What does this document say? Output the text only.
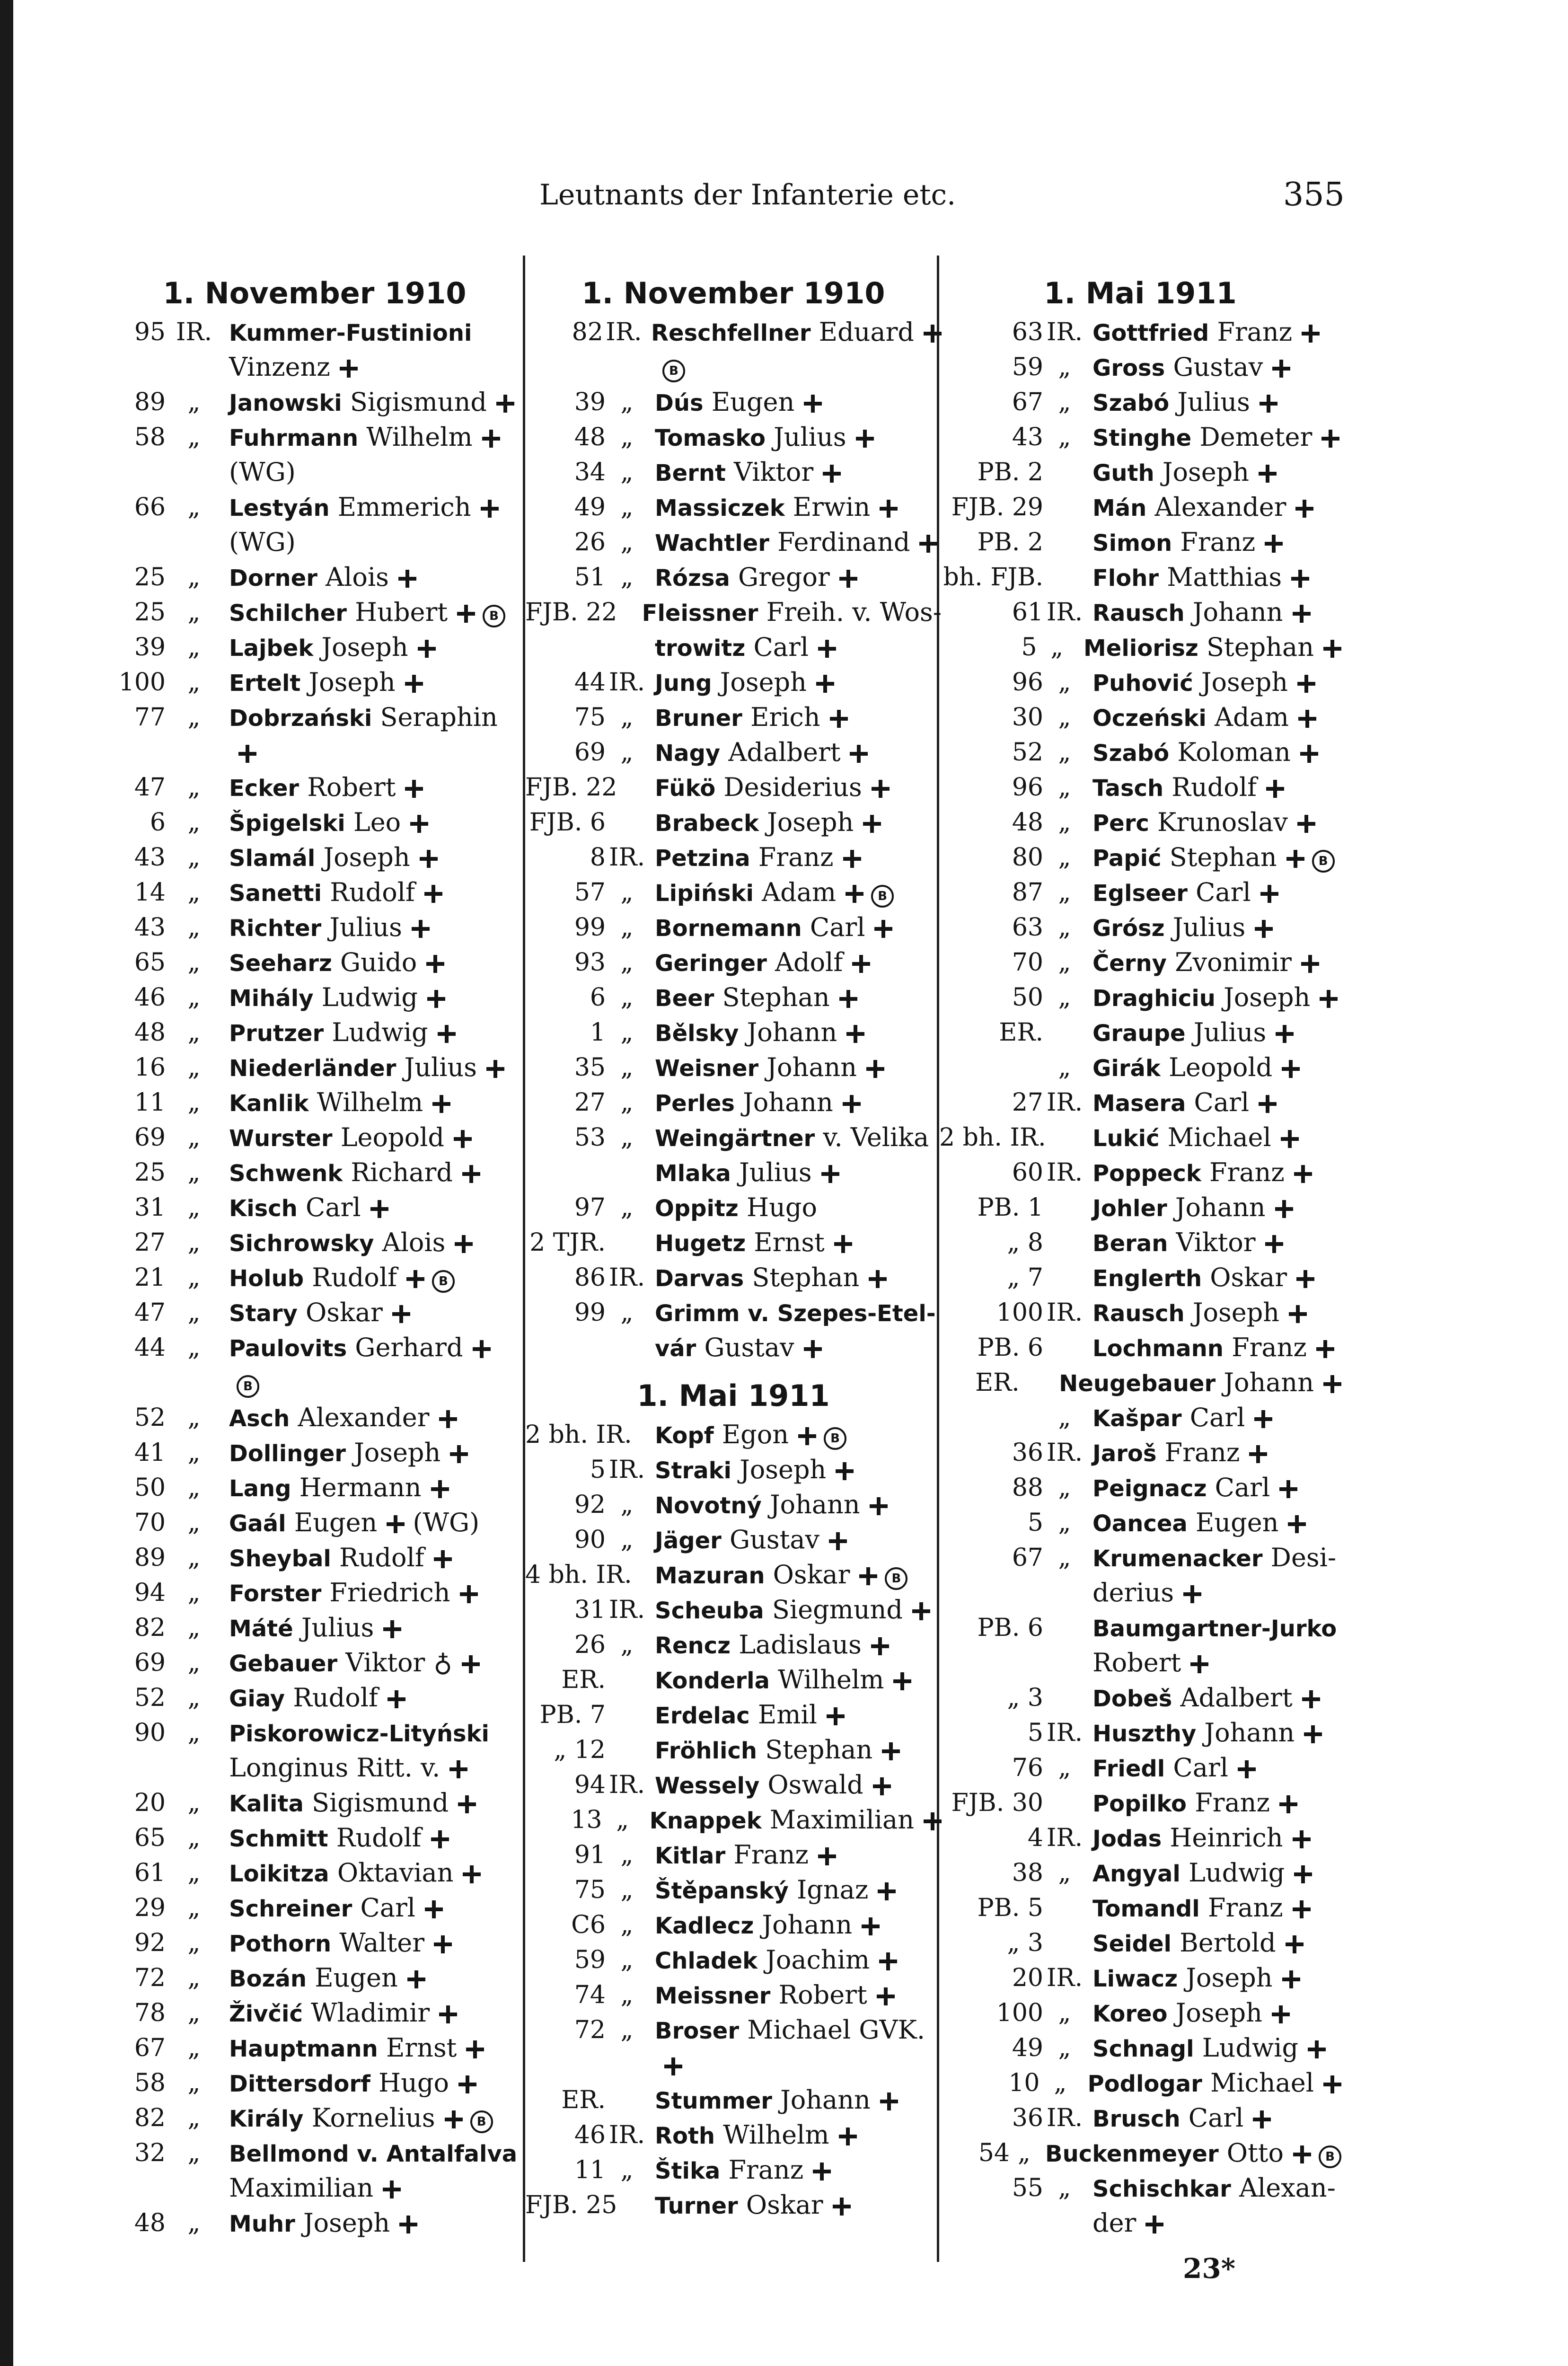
Leutnants der Infanterie etc.	355
1. November 1910
95 IR. Kummer-Fustinioni
Vinzenz
89 „	Janowski Sigismund
58 „	Fuhrmann Wilhelm
(WG)
66 „	Lestyán Emmerich
(WG)
25 „	Dorner Alois
25 „	Schilcher Hubert	B
39 „	Lajbek Joseph
100 „	Ertelt Joseph
77 „	Dobrzański Seraphin
47 „	Ecker Robert
6 „	Špigelski Leo
43 „	Slamál Joseph
14 „	Sanetti Rudolf
43 „	Richter Julius
65 „	Seeharz Guido
46 „	Mihály Ludwig
48 „	Prutzer Ludwig
16 „	Niederländer Julius
11 „	Kanlik Wilhelm
69 „	Wurster Leopold
25 „	Schwenk Richard
31 „	Kisch Carl
27 „	Sichrowsky Alois
21 „	Holub Rudolf	B
47 „	Stary Oskar
44 „	Paulovits Gerhard
B
52 „	Asch Alexander
41 „	Dollinger Joseph
50 „	Lang Hermann
70 „	Gaál Eugen (WG)
89 „	Sheybal Rudolf
94 „	Forster Friedrich
82 „	Máté Julius
69 „	Gebauer Viktor ♁
52 „	Giay Rudolf
90 „	Piskorowicz-Lityński
Longinus Ritt. v.
20 „	Kalita Sigismund
65 „	Schmitt Rudolf
61 „	Loikitza Oktavian
29 „	Schreiner Carl
92 „	Pothorn Walter
72 „	Bozán Eugen
78 „	Živčić Wladimir
67 „	Hauptmann Ernst
58 „	Dittersdorf Hugo
82 „	Király Kornelius	B
32 „	Bellmond v. Antalfalva
Maximilian
48 „	Muhr Joseph
1. November 1910
82 IR. Reschfellner Eduard
B
39 „ Dús Eugen
48 „ Tomasko Julius
34 „ Bernt Viktor
49 „ Massiczek Erwin
26 „ Wachtler Ferdinand
51 „ Rózsa Gregor
FJB. 22 Fleissner Freih. v. Wos-
trowitz Carl
44 IR. Jung Joseph
75 „ Bruner Erich
69 „ Nagy Adalbert
FJB. 22 Fükö Desiderius
FJB. 6 Brabeck Joseph
8 IR. Petzina Franz
57 „ Lipiński Adam	B
99 „ Bornemann Carl
93 „ Geringer Adolf
6 „ Beer Stephan
1 „ Bělsky Johann
35 „ Weisner Johann
27 „ Perles Johann
53 „ Weingärtner v. Velika
Mlaka Julius
97 „ Oppitz Hugo
2 TJR. Hugetz Ernst
86 IR. Darvas Stephan
99 „ Grimm v. Szepes-Etel-
vár Gustav
1. Mai 1911
2 bh. IR. Kopf Egon	B
5 IR. Straki Joseph
92 „ Novotný Johann
90 „ Jäger Gustav
4 bh. IR. Mazuran Oskar	B
31 IR. Scheuba Siegmund
26 „ Rencz Ladislaus
ER. Konderla Wilhelm
PB. 7 Erdelac Emil
„ 12 Fröhlich Stephan
94 IR. Wessely Oswald
13 „ Knappek Maximilian
91 „ Kitlar Franz
75 „ Štěpanský Ignaz
C6 „ Kadlecz Johann
59 „ Chladek Joachim
74 „ Meissner Robert
72 „ Broser Michael GVK.
ER. Stummer Johann
46 IR. Roth Wilhelm
11 „ Štika Franz
FJB. 25 Turner Oskar
1. Mai 1911
63 IR. Gottfried Franz
59 „ Gross Gustav
67 „ Szabó Julius
43 „ Stinghe Demeter
PB. 2 Guth Joseph
FJB. 29 Mán Alexander
PB. 2 Simon Franz
bh. FJB. Flohr Matthias
61 IR. Rausch Johann
5 „ Meliorisz Stephan
96 „ Puhović Joseph
30 „ Oczeński Adam
52 „ Szabó Koloman
96 „ Tasch Rudolf
48 „ Perc Krunoslav
80 „ Papić Stephan	B
87 „ Eglseer Carl
63 „ Grósz Julius
70 „ Černy Zvonimir
50 „ Draghiciu Joseph
ER. Graupe Julius
„ Girák Leopold
27 IR. Masera Carl
2 bh. IR. Lukić Michael
60 IR. Poppeck Franz
PB. 1 Johler Johann
„ 8 Beran Viktor
„ 7 Englerth Oskar
100 IR. Rausch Joseph
PB. 6 Lochmann Franz
ER. Neugebauer Johann
„ Kašpar Carl
36 IR. Jaroš Franz
88 „ Peignacz Carl
5 „ Oancea Eugen
67 „ Krumenacker Desi-
derius
PB. 6 Baumgartner-Jurko
Robert
„ 3 Dobeš Adalbert
5 IR. Huszthy Johann
76 „ Friedl Carl
FJB. 30 Popilko Franz
4 IR. Jodas Heinrich
38 „ Angyal Ludwig
PB. 5 Tomandl Franz
„ 3 Seidel Bertold
20 IR. Liwacz Joseph
100 „ Koreo Joseph
49 „ Schnagl Ludwig
10 „ Podlogar Michael
36 IR. Brusch Carl
54 „ Buckenmeyer Otto	B
55 „ Schischkar Alexan-
der
23*
